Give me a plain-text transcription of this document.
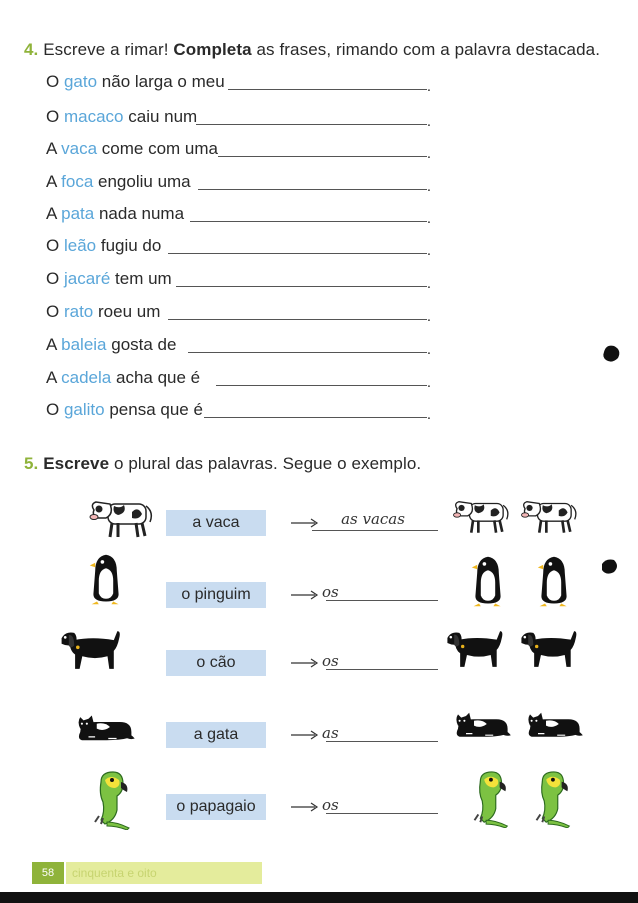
4. Escreve a rimar! Completa as frases, rimando com a palavra destacada.
O gato não larga o meu	.
O macaco caiu num	.
A vaca come com uma	.
A foca engoliu uma	.
A pata nada numa	.
O leão fugiu do	.
O jacaré tem um	.
O rato roeu um	.
A baleia gosta de	.
A cadela acha que é	.
O galito pensa que é	.
5. Escreve o plural das palavras. Segue o exemplo.
a vaca	as vacas
o pinguim	os
o cão	os
a gata	as
o papagaio	os
58	cinquenta e oito
